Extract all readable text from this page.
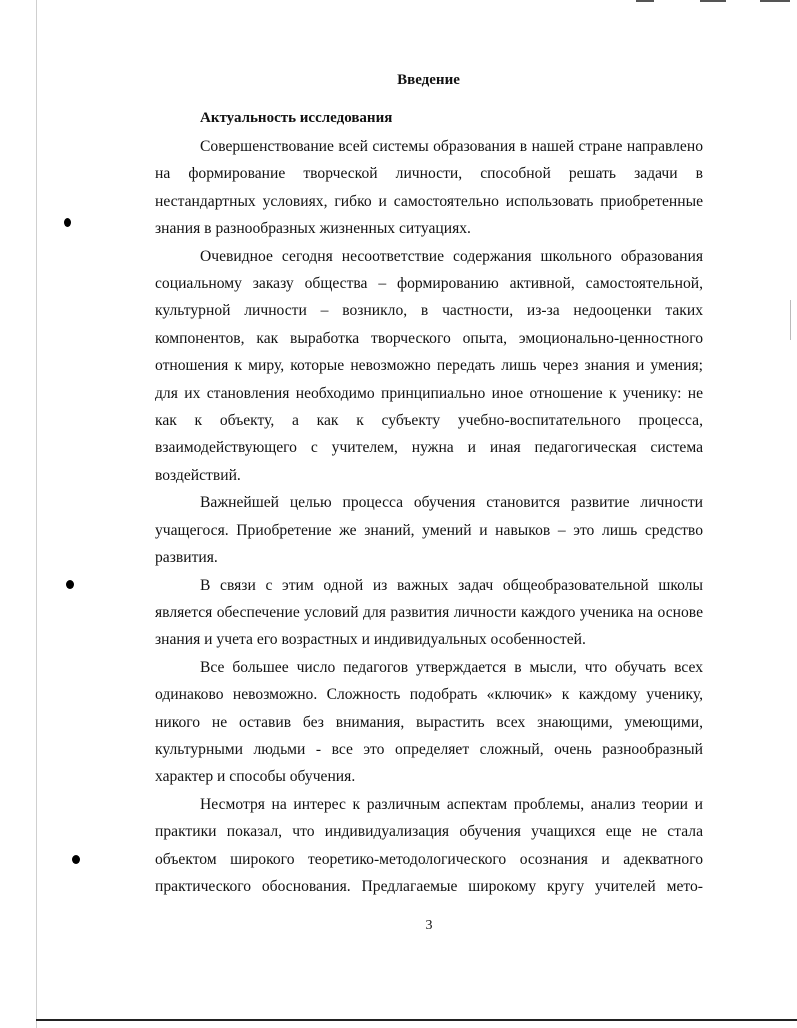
Введение
Актуальность исследования

Совершенствование всей системы образования в нашей стране направлено на формирование творческой личности, способной решать задачи в нестандартных условиях, гибко и самостоятельно использовать приобретенные знания в разнообразных жизненных ситуациях.

Очевидное сегодня несоответствие содержания школьного образования социальному заказу общества – формированию активной, самостоятельной, культурной личности – возникло, в частности, из-за недооценки таких компонентов, как выработка творческого опыта, эмоционально-ценностного отношения к миру, которые невозможно передать лишь через знания и умения; для их становления необходимо принципиально иное отношение к ученику: не как к объекту, а как к субъекту учебно-воспитательного процесса, взаимодействующего с учителем, нужна и иная педагогическая система воздействий.

Важнейшей целью процесса обучения становится развитие личности учащегося. Приобретение же знаний, умений и навыков – это лишь средство развития.

В связи с этим одной из важных задач общеобразовательной школы является обеспечение условий для развития личности каждого ученика на основе знания и учета его возрастных и индивидуальных особенностей.

Все большее число педагогов утверждается в мысли, что обучать всех одинаково невозможно. Сложность подобрать «ключик» к каждому ученику, никого не оставив без внимания, вырастить всех знающими, умеющими, культурными людьми - все это определяет сложный, очень разнообразный характер и способы обучения.

Несмотря на интерес к различным аспектам проблемы, анализ теории и практики показал, что индивидуализация обучения учащихся еще не стала объектом широкого теоретико-методологического осознания и адекватного практического обоснования. Предлагаемые широкому кругу учителей мето-

3
